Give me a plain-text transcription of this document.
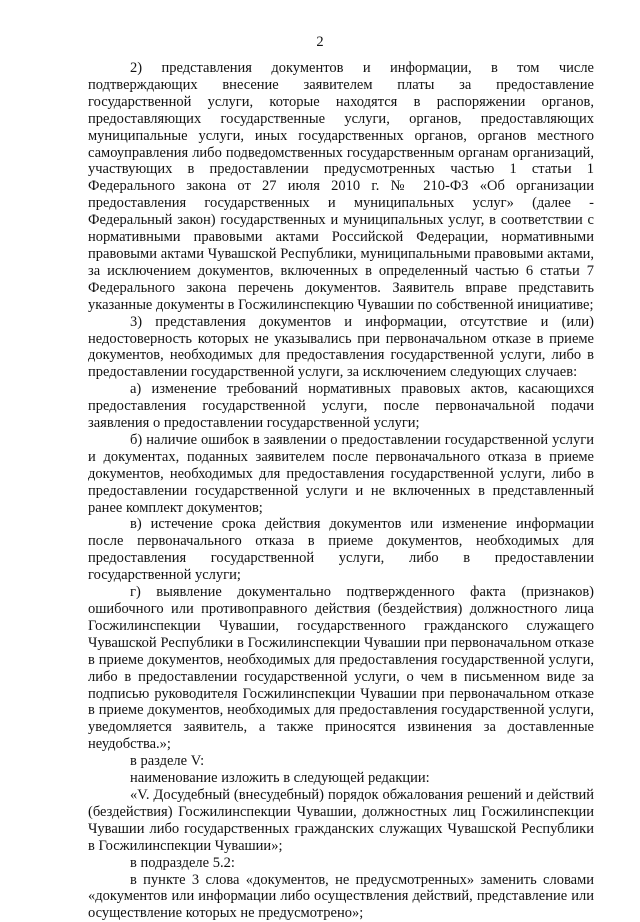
2

2) представления документов и информации, в том числе подтверждающих внесение заявителем платы за предоставление государственной услуги, которые находятся в распоряжении органов, предоставляющих государственные услуги, органов, предоставляющих муниципальные услуги, иных государственных органов, органов местного самоуправления либо подведомственных государственным органам организаций, участвующих в предоставлении предусмотренных частью 1 статьи 1 Федерального закона от 27 июля 2010 г. № 210-ФЗ «Об организации предоставления государственных и муниципальных услуг» (далее - Федеральный закон) государственных и муниципальных услуг, в соответствии с нормативными правовыми актами Российской Федерации, нормативными правовыми актами Чувашской Республики, муниципальными правовыми актами, за исключением документов, включенных в определенный частью 6 статьи 7 Федерального закона перечень документов. Заявитель вправе представить указанные документы в Госжилинспекцию Чувашии по собственной инициативе;

3) представления документов и информации, отсутствие и (или) недостоверность которых не указывались при первоначальном отказе в приеме документов, необходимых для предоставления государственной услуги, либо в предоставлении государственной услуги, за исключением следующих случаев:

а) изменение требований нормативных правовых актов, касающихся предоставления государственной услуги, после первоначальной подачи заявления о предоставлении государственной услуги;

б) наличие ошибок в заявлении о предоставлении государственной услуги и документах, поданных заявителем после первоначального отказа в приеме документов, необходимых для предоставления государственной услуги, либо в предоставлении государственной услуги и не включенных в представленный ранее комплект документов;

в) истечение срока действия документов или изменение информации после первоначального отказа в приеме документов, необходимых для предоставления государственной услуги, либо в предоставлении государственной услуги;

г) выявление документально подтвержденного факта (признаков) ошибочного или противоправного действия (бездействия) должностного лица Госжилинспекции Чувашии, государственного гражданского служащего Чувашской Республики в Госжилинспекции Чувашии при первоначальном отказе в приеме документов, необходимых для предоставления государственной услуги, либо в предоставлении государственной услуги, о чем в письменном виде за подписью руководителя Госжилинспекции Чувашии при первоначальном отказе в приеме документов, необходимых для предоставления государственной услуги, уведомляется заявитель, а также приносятся извинения за доставленные неудобства.»;

в разделе V:

наименование изложить в следующей редакции:

«V. Досудебный (внесудебный) порядок обжалования решений и действий (бездействия) Госжилинспекции Чувашии, должностных лиц Госжилинспекции Чувашии либо государственных гражданских служащих Чувашской Республики в Госжилинспекции Чувашии»;

в подразделе 5.2:

в пункте 3 слова «документов, не предусмотренных» заменить словами «документов или информации либо осуществления действий, представление или осуществление которых не предусмотрено»;
